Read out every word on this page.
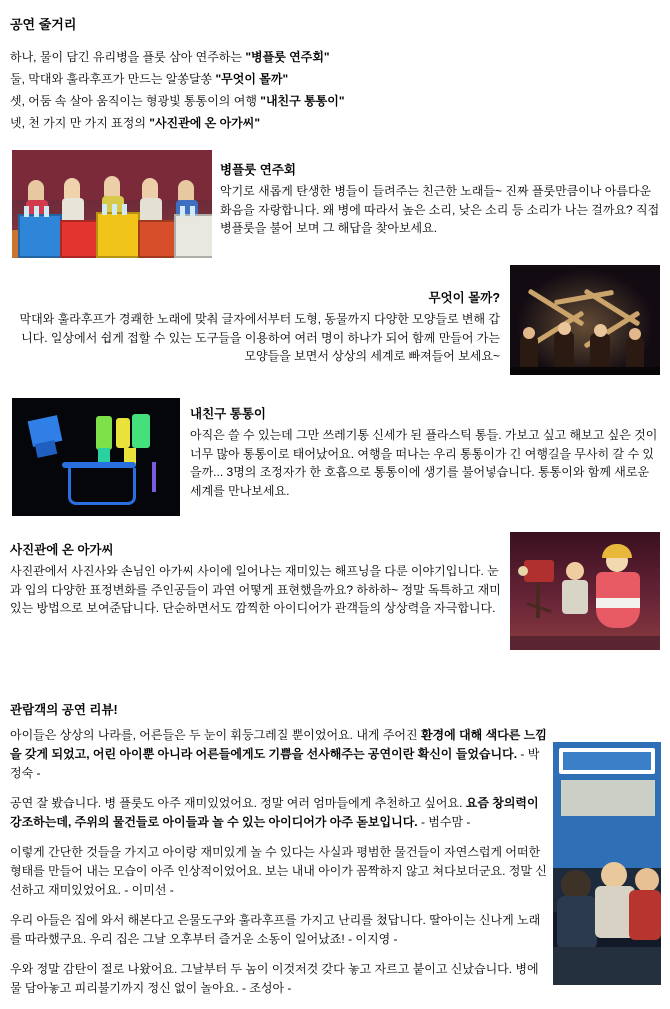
공연 줄거리
하나, 물이 담긴 유리병을 플룻 삼아 연주하는 "병플룻 연주회"
둘, 막대와 훌라후프가 만드는 알쏭달쏭 "무엇이 몰까"
셋, 어둠 속 살아 움직이는 형광빛 통통이의 여행 "내친구 통통이"
넷, 천 가지 만 가지 표정의 "사진관에 온 아가씨"
병플룻 연주회
악기로 새롭게 탄생한 병들이 들려주는 친근한 노래들~ 진짜 플룻만큼이나 아름다운 화음을 자랑합니다. 왜 병에 따라서 높은 소리, 낮은 소리 등 소리가 나는 걸까요? 직접 병플룻을 불어 보며 그 해답을 찾아보세요.
무엇이 몰까?
막대와 훌라후프가 경쾌한 노래에 맞춰 글자에서부터 도형, 동물까지 다양한 모양들로 변해 갑니다. 일상에서 쉽게 접할 수 있는 도구들을 이용하여 여러 명이 하나가 되어 함께 만들어 가는 모양들을 보면서 상상의 세계로 빠져들어 보세요~
내친구 통통이
아직은 쓸 수 있는데 그만 쓰레기통 신세가 된 플라스틱 통들. 가보고 싶고 해보고 싶은 것이 너무 많아 통통이로 태어났어요. 여행을 떠나는 우리 통통이가 긴 여행길을 무사히 갈 수 있을까... 3명의 조정자가 한 호흡으로 통통이에 생기를 불어넣습니다. 통통이와 함께 새로운 세계를 만나보세요.
사진관에 온 아가씨
사진관에서 사진사와 손님인 아가씨 사이에 일어나는 재미있는 해프닝을 다룬 이야기입니다. 눈과 입의 다양한 표정변화를 주인공들이 과연 어떻게 표현했을까요? 하하하~ 정말 독특하고 재미있는 방법으로 보여준답니다. 단순하면서도 깜찍한 아이디어가 관객들의 상상력을 자극합니다.
관람객의 공연 리뷰!

아이들은 상상의 나라를, 어른들은 두 눈이 휘둥그레질 뿐이었어요. 내게 주어진 환경에 대해 색다른 느낌을 갖게 되었고, 어린 아이뿐 아니라 어른들에게도 기쁨을 선사해주는 공연이란 확신이 들었습니다. - 박정숙 -

공연 잘 봤습니다. 병 플룻도 아주 재미있었어요. 정말 여러 엄마들에게 추천하고 싶어요. 요즘 창의력이 강조하는데, 주위의 물건들로 아이들과 놀 수 있는 아이디어가 아주 돋보입니다. - 범수맘 -

이렇게 간단한 것들을 가지고 아이랑 재미있게 놀 수 있다는 사실과 평범한 물건들이 자연스럽게 어떠한 형태를 만들어 내는 모습이 아주 인상적이었어요. 보는 내내 아이가 꼼짝하지 않고 쳐다보더군요. 정말 신선하고 재미있었어요. - 이미선 -

우리 아들은 집에 와서 해본다고 은물도구와 훌라후프를 가지고 난리를 쳤답니다. 딸아이는 신나게 노래를 따라했구요. 우리 집은 그날 오후부터 즐거운 소동이 일어났죠! - 이지영 -

우와 정말 감탄이 절로 나왔어요. 그날부터 두 놈이 이것저것 갖다 놓고 자르고 붙이고 신났습니다. 병에 물 담아놓고 피리불기까지 정신 없이 놀아요. - 조성아 -
